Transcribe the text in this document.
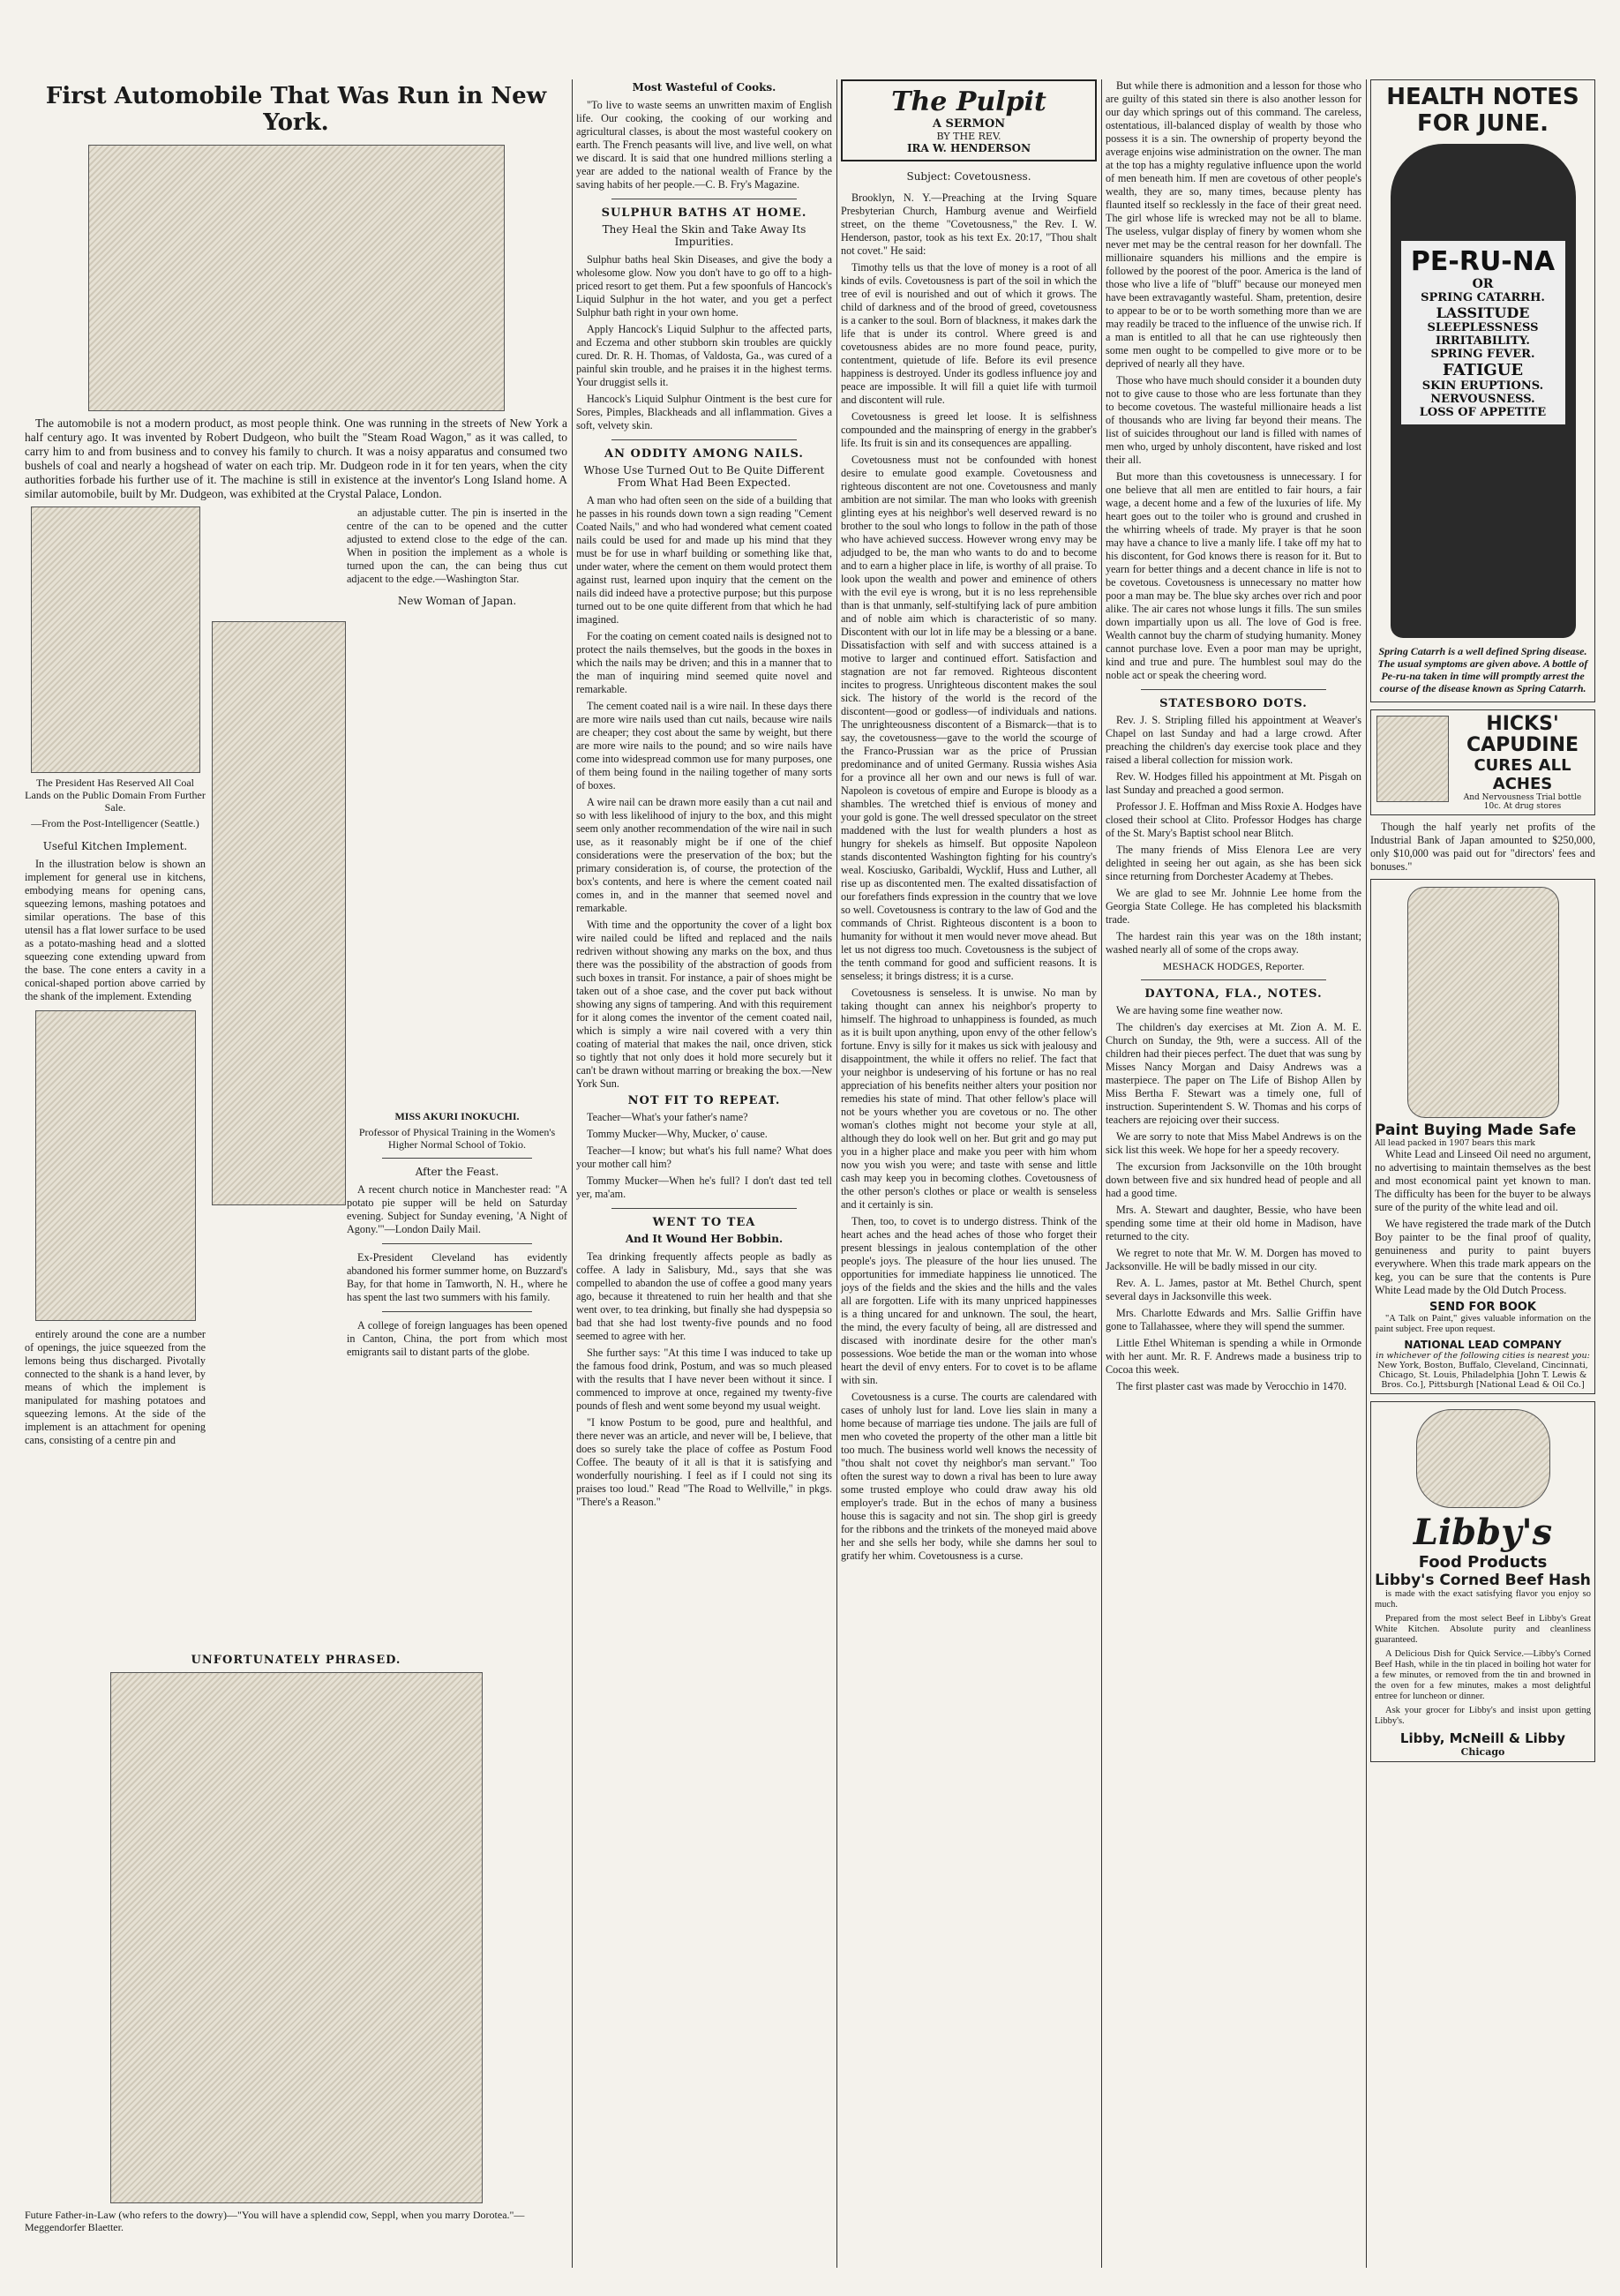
First Automobile That Was Run in New York.

The automobile is not a modern product, as most people think. One was running in the streets of New York a half century ago. It was invented by Robert Dudgeon, who built the "Steam Road Wagon," as it was called, to carry him to and from business and to convey his family to church. It was a noisy apparatus and consumed two bushels of coal and nearly a hogshead of water on each trip. Mr. Dudgeon rode in it for ten years, when the city authorities forbade his further use of it. The machine is still in existence at the inventor's Long Island home. A similar automobile, built by Mr. Dudgeon, was exhibited at the Crystal Palace, London.

The President Has Reserved All Coal Lands on the Public Domain From Further Sale.
—From the Post-Intelligencer (Seattle.)
Useful Kitchen Implement.

In the illustration below is shown an implement for general use in kitchens, embodying means for opening cans, squeezing lemons, mashing potatoes and similar operations. The base of this utensil has a flat lower surface to be used as a potato-mashing head and a slotted squeezing cone extending upward from the base. The cone enters a cavity in a conical-shaped portion above carried by the shank of the implement. Extending

entirely around the cone are a number of openings, the juice squeezed from the lemons being thus discharged. Pivotally connected to the shank is a hand lever, by means of which the implement is manipulated for mashing potatoes and squeezing lemons. At the side of the implement is an attachment for opening cans, consisting of a centre pin and

an adjustable cutter. The pin is inserted in the centre of the can to be opened and the cutter adjusted to extend close to the edge of the can. When in position the implement as a whole is turned upon the can, the can being thus cut adjacent to the edge.—Washington Star.

New Woman of Japan.
MISS AKURI INOKUCHI.
Professor of Physical Training in the Women's Higher Normal School of Tokio.
After the Feast.

A recent church notice in Manchester read: "A potato pie supper will be held on Saturday evening. Subject for Sunday evening, 'A Night of Agony.'"—London Daily Mail.

Ex-President Cleveland has evidently abandoned his former summer home, on Buzzard's Bay, for that home in Tamworth, N. H., where he has spent the last two summers with his family.

A college of foreign languages has been opened in Canton, China, the port from which most emigrants sail to distant parts of the globe.

UNFORTUNATELY PHRASED.
Future Father-in-Law (who refers to the dowry)—"You will have a splendid cow, Seppl, when you marry Dorotea."—Meggendorfer Blaetter.
Most Wasteful of Cooks.

"To live to waste seems an unwritten maxim of English life. Our cooking, the cooking of our working and agricultural classes, is about the most wasteful cookery on earth. The French peasants will live, and live well, on what we discard. It is said that one hundred millions sterling a year are added to the national wealth of France by the saving habits of her people.—C. B. Fry's Magazine.

SULPHUR BATHS AT HOME.
They Heal the Skin and Take Away Its Impurities.

Sulphur baths heal Skin Diseases, and give the body a wholesome glow. Now you don't have to go off to a high-priced resort to get them. Put a few spoonfuls of Hancock's Liquid Sulphur in the hot water, and you get a perfect Sulphur bath right in your own home.

Apply Hancock's Liquid Sulphur to the affected parts, and Eczema and other stubborn skin troubles are quickly cured. Dr. R. H. Thomas, of Valdosta, Ga., was cured of a painful skin trouble, and he praises it in the highest terms. Your druggist sells it.

Hancock's Liquid Sulphur Ointment is the best cure for Sores, Pimples, Blackheads and all inflammation. Gives a soft, velvety skin.

AN ODDITY AMONG NAILS.
Whose Use Turned Out to Be Quite Different From What Had Been Expected.

A man who had often seen on the side of a building that he passes in his rounds down town a sign reading "Cement Coated Nails," and who had wondered what cement coated nails could be used for and made up his mind that they must be for use in wharf building or something like that, under water, where the cement on them would protect them against rust, learned upon inquiry that the cement on the nails did indeed have a protective purpose; but this purpose turned out to be one quite different from that which he had imagined.

For the coating on cement coated nails is designed not to protect the nails themselves, but the goods in the boxes in which the nails may be driven; and this in a manner that to the man of inquiring mind seemed quite novel and remarkable.

The cement coated nail is a wire nail. In these days there are more wire nails used than cut nails, because wire nails are cheaper; they cost about the same by weight, but there are more wire nails to the pound; and so wire nails have come into widespread common use for many purposes, one of them being found in the nailing together of many sorts of boxes.

A wire nail can be drawn more easily than a cut nail and so with less likelihood of injury to the box, and this might seem only another recommendation of the wire nail in such use, as it reasonably might be if one of the chief considerations were the preservation of the box; but the primary consideration is, of course, the protection of the box's contents, and here is where the cement coated nail comes in, and in the manner that seemed novel and remarkable.

With time and the opportunity the cover of a light box wire nailed could be lifted and replaced and the nails redriven without showing any marks on the box, and thus there was the possibility of the abstraction of goods from such boxes in transit. For instance, a pair of shoes might be taken out of a shoe case, and the cover put back without showing any signs of tampering. And with this requirement for it along comes the inventor of the cement coated nail, which is simply a wire nail covered with a very thin coating of material that makes the nail, once driven, stick so tightly that not only does it hold more securely but it can't be drawn without marring or breaking the box.—New York Sun.

NOT FIT TO REPEAT.

Teacher—What's your father's name?

Tommy Mucker—Why, Mucker, o' cause.

Teacher—I know; but what's his full name? What does your mother call him?

Tommy Mucker—When he's full? I don't dast ted tell yer, ma'am.

WENT TO TEA
And It Wound Her Bobbin.

Tea drinking frequently affects people as badly as coffee. A lady in Salisbury, Md., says that she was compelled to abandon the use of coffee a good many years ago, because it threatened to ruin her health and that she went over, to tea drinking, but finally she had dyspepsia so bad that she had lost twenty-five pounds and no food seemed to agree with her.

She further says: "At this time I was induced to take up the famous food drink, Postum, and was so much pleased with the results that I have never been without it since. I commenced to improve at once, regained my twenty-five pounds of flesh and went some beyond my usual weight.

"I know Postum to be good, pure and healthful, and there never was an article, and never will be, I believe, that does so surely take the place of coffee as Postum Food Coffee. The beauty of it all is that it is satisfying and wonderfully nourishing. I feel as if I could not sing its praises too loud." Read "The Road to Wellville," in pkgs. "There's a Reason."

The Pulpit
A SERMON
BY THE REV.
IRA W. HENDERSON
Subject: Covetousness.

Brooklyn, N. Y.—Preaching at the Irving Square Presbyterian Church, Hamburg avenue and Weirfield street, on the theme "Covetousness," the Rev. I. W. Henderson, pastor, took as his text Ex. 20:17, "Thou shalt not covet." He said:

Timothy tells us that the love of money is a root of all kinds of evils. Covetousness is part of the soil in which the tree of evil is nourished and out of which it grows. The child of darkness and of the brood of greed, covetousness is a canker to the soul. Born of blackness, it makes dark the life that is under its control. Where greed is and covetousness abides are no more found peace, purity, contentment, quietude of life. Before its evil presence happiness is destroyed. Under its godless influence joy and peace are impossible. It will fill a quiet life with turmoil and discontent will rule.

Covetousness is greed let loose. It is selfishness compounded and the mainspring of energy in the grabber's life. Its fruit is sin and its consequences are appalling.

Covetousness must not be confounded with honest desire to emulate good example. Covetousness and righteous discontent are not one. Covetousness and manly ambition are not similar. The man who looks with greenish glinting eyes at his neighbor's well deserved reward is no brother to the soul who longs to follow in the path of those who have achieved success. However wrong envy may be adjudged to be, the man who wants to do and to become and to earn a higher place in life, is worthy of all praise. To look upon the wealth and power and eminence of others with the evil eye is wrong, but it is no less reprehensible than is that unmanly, self-stultifying lack of pure ambition and of noble aim which is characteristic of so many. Discontent with our lot in life may be a blessing or a bane. Dissatisfaction with self and with success attained is a motive to larger and continued effort. Satisfaction and stagnation are not far removed. Righteous discontent incites to progress. Unrighteous discontent makes the soul sick. The history of the world is the record of the discontent—good or godless—of individuals and nations. The unrighteousness discontent of a Bismarck—that is to say, the covetousness—gave to the world the scourge of the Franco-Prussian war as the price of Prussian predominance and of united Germany. Russia wishes Asia for a province all her own and our news is full of war. Napoleon is covetous of empire and Europe is bloody as a shambles. The wretched thief is envious of money and your gold is gone. The well dressed speculator on the street maddened with the lust for wealth plunders a host as hungry for shekels as himself. But opposite Napoleon stands discontented Washington fighting for his country's weal. Kosciusko, Garibaldi, Wycklif, Huss and Luther, all rise up as discontented men. The exalted dissatisfaction of our forefathers finds expression in the country that we love so well. Covetousness is contrary to the law of God and the commands of Christ. Righteous discontent is a boon to humanity for without it men would never move ahead. But let us not digress too much. Covetousness is the subject of the tenth command for good and sufficient reasons. It is senseless; it brings distress; it is a curse.

Covetousness is senseless. It is unwise. No man by taking thought can annex his neighbor's property to himself. The highroad to unhappiness is founded, as much as it is built upon anything, upon envy of the other fellow's fortune. Envy is silly for it makes us sick with jealousy and disappointment, the while it offers no relief. The fact that your neighbor is undeserving of his fortune or has no real appreciation of his benefits neither alters your position nor remedies his state of mind. That other fellow's place will not be yours whether you are covetous or no. The other woman's clothes might not become your style at all, although they do look well on her. But grit and go may put you in a higher place and make you peer with him whom now you wish you were; and taste with sense and little cash may keep you in becoming clothes. Covetousness of the other person's clothes or place or wealth is senseless and it certainly is sin.

Then, too, to covet is to undergo distress. Think of the heart aches and the head aches of those who forget their present blessings in jealous contemplation of the other people's joys. The pleasure of the hour lies unused. The opportunities for immediate happiness lie unnoticed. The joys of the fields and the skies and the hills and the vales all are forgotten. Life with its many unpriced happinesses is a thing uncared for and unknown. The soul, the heart, the mind, the every faculty of being, all are distressed and discased with inordinate desire for the other man's possessions. Woe betide the man or the woman into whose heart the devil of envy enters. For to covet is to be aflame with sin.

Covetousness is a curse. The courts are calendared with cases of unholy lust for land. Love lies slain in many a home because of marriage ties undone. The jails are full of men who coveted the property of the other man a little bit too much. The business world well knows the necessity of "thou shalt not covet thy neighbor's man servant." Too often the surest way to down a rival has been to lure away some trusted employe who could draw away his old employer's trade. But in the echos of many a business house this is sagacity and not sin. The shop girl is greedy for the ribbons and the trinkets of the moneyed maid above her and she sells her body, while she damns her soul to gratify her whim. Covetousness is a curse.

But while there is admonition and a lesson for those who are guilty of this stated sin there is also another lesson for our day which springs out of this command. The careless, ostentatious, ill-balanced display of wealth by those who possess it is a sin. The ownership of property beyond the average enjoins wise administration on the owner. The man at the top has a mighty regulative influence upon the world of men beneath him. If men are covetous of other people's wealth, they are so, many times, because plenty has flaunted itself so recklessly in the face of their great need. The girl whose life is wrecked may not be all to blame. The useless, vulgar display of finery by women whom she never met may be the central reason for her downfall. The millionaire squanders his millions and the empire is followed by the poorest of the poor. America is the land of those who live a life of "bluff" because our moneyed men have been extravagantly wasteful. Sham, pretention, desire to appear to be or to be worth something more than we are may readily be traced to the influence of the unwise rich. If a man is entitled to all that he can use righteously then some men ought to be compelled to give more or to be deprived of nearly all they have.

Those who have much should consider it a bounden duty not to give cause to those who are less fortunate than they to become covetous. The wasteful millionaire heads a list of thousands who are living far beyond their means. The list of suicides throughout our land is filled with names of men who, urged by unholy discontent, have risked and lost their all.

But more than this covetousness is unnecessary. I for one believe that all men are entitled to fair hours, a fair wage, a decent home and a few of the luxuries of life. My heart goes out to the toiler who is ground and crushed in the whirring wheels of trade. My prayer is that he soon may have a chance to live a manly life. I take off my hat to his discontent, for God knows there is reason for it. But to yearn for better things and a decent chance in life is not to be covetous. Covetousness is unnecessary no matter how poor a man may be. The blue sky arches over rich and poor alike. The air cares not whose lungs it fills. The sun smiles down impartially upon us all. The love of God is free. Wealth cannot buy the charm of studying humanity. Money cannot purchase love. Even a poor man may be upright, kind and true and pure. The humblest soul may do the noble act or speak the cheering word.

STATESBORO DOTS.

Rev. J. S. Stripling filled his appointment at Weaver's Chapel on last Sunday and had a large crowd. After preaching the children's day exercise took place and they raised a liberal collection for mission work.

Rev. W. Hodges filled his appointment at Mt. Pisgah on last Sunday and preached a good sermon.

Professor J. E. Hoffman and Miss Roxie A. Hodges have closed their school at Clito. Professor Hodges has charge of the St. Mary's Baptist school near Blitch.

The many friends of Miss Elenora Lee are very delighted in seeing her out again, as she has been sick since returning from Dorchester Academy at Thebes.

We are glad to see Mr. Johnnie Lee home from the Georgia State College. He has completed his blacksmith trade.

The hardest rain this year was on the 18th instant; washed nearly all of some of the crops away.

MESHACK HODGES, Reporter.
DAYTONA, FLA., NOTES.

We are having some fine weather now.

The children's day exercises at Mt. Zion A. M. E. Church on Sunday, the 9th, were a success. All of the children had their pieces perfect. The duet that was sung by Misses Nancy Morgan and Daisy Andrews was a masterpiece. The paper on The Life of Bishop Allen by Miss Bertha F. Stewart was a timely one, full of instruction. Superintendent S. W. Thomas and his corps of teachers are rejoicing over their success.

We are sorry to note that Miss Mabel Andrews is on the sick list this week. We hope for her a speedy recovery.

The excursion from Jacksonville on the 10th brought down between five and six hundred head of people and all had a good time.

Mrs. A. Stewart and daughter, Bessie, who have been spending some time at their old home in Madison, have returned to the city.

We regret to note that Mr. W. M. Dorgen has moved to Jacksonville. He will be badly missed in our city.

Rev. A. L. James, pastor at Mt. Bethel Church, spent several days in Jacksonville this week.

Mrs. Charlotte Edwards and Mrs. Sallie Griffin have gone to Tallahassee, where they will spend the summer.

Little Ethel Whiteman is spending a while in Ormonde with her aunt. Mr. R. F. Andrews made a business trip to Cocoa this week.

The first plaster cast was made by Verocchio in 1470.

HEALTH NOTES FOR JUNE.
PE-RU-NA
OR
SPRING CATARRH.
LASSITUDE
SLEEPLESSNESS
IRRITABILITY.
SPRING FEVER.
FATIGUE
SKIN ERUPTIONS.
NERVOUSNESS.
LOSS OF APPETITE
Spring Catarrh is a well defined Spring disease. The usual symptoms are given above. A bottle of Pe-ru-na taken in time will promptly arrest the course of the disease known as Spring Catarrh.
HICKS' CAPUDINE
CURES ALL ACHES
And Nervousness Trial bottle 10c. At drug stores

Though the half yearly net profits of the Industrial Bank of Japan amounted to $250,000, only $10,000 was paid out for "directors' fees and bonuses."

Paint Buying Made Safe
All lead packed in 1907 bears this mark

White Lead and Linseed Oil need no argument, no advertising to maintain themselves as the best and most economical paint yet known to man. The difficulty has been for the buyer to be always sure of the purity of the white lead and oil.

We have registered the trade mark of the Dutch Boy painter to be the final proof of quality, genuineness and purity to paint buyers everywhere. When this trade mark appears on the keg, you can be sure that the contents is Pure White Lead made by the Old Dutch Process.

SEND FOR BOOK

"A Talk on Paint," gives valuable information on the paint subject. Free upon request.

NATIONAL LEAD COMPANY
in whichever of the following cities is nearest you:
New York, Boston, Buffalo, Cleveland, Cincinnati, Chicago, St. Louis, Philadelphia [John T. Lewis & Bros. Co.], Pittsburgh [National Lead & Oil Co.]
Libby's
Food Products
Libby's Corned Beef Hash

is made with the exact satisfying flavor you enjoy so much.

Prepared from the most select Beef in Libby's Great White Kitchen. Absolute purity and cleanliness guaranteed.

A Delicious Dish for Quick Service.—Libby's Corned Beef Hash, while in the tin placed in boiling hot water for a few minutes, or removed from the tin and browned in the oven for a few minutes, makes a most delightful entree for luncheon or dinner.

Ask your grocer for Libby's and insist upon getting Libby's.

Libby, McNeill & Libby
Chicago
